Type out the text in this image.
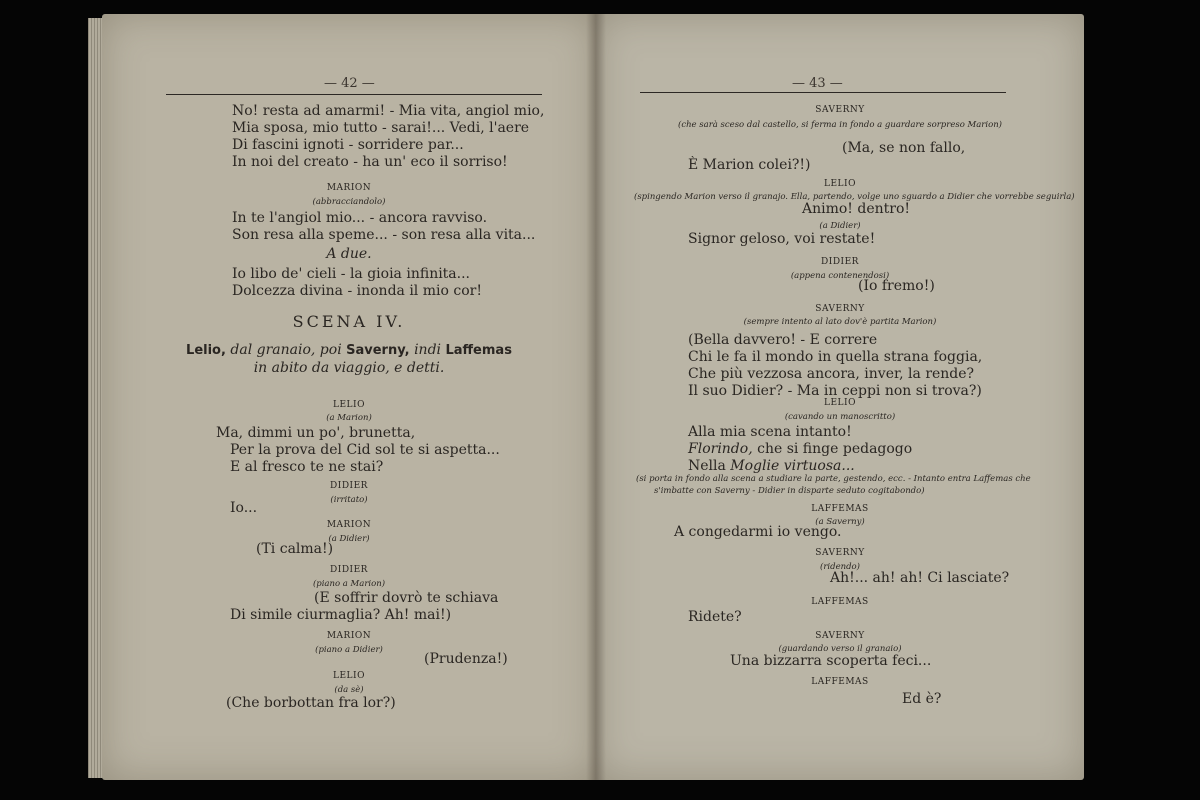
— 42 —
No! resta ad amarmi! - Mia vita, angiol mio,
Mia sposa, mio tutto - sarai!... Vedi, l'aere
Di fascini ignoti - sorridere par...
In noi del creato - ha un' eco il sorriso!
MARION
(abbracciandolo)
In te l'angiol mio... - ancora ravviso.
Son resa alla speme... - son resa alla vita...
A due.
Io libo de' cieli - la gioia infinita...
Dolcezza divina - inonda il mio cor!
SCENA IV.
Lelio, dal granaio, poi Saverny, indi Laffemas
in abito da viaggio, e detti.
LELIO
(a Marion)
Ma, dimmi un po', brunetta,
Per la prova del Cid sol te si aspetta...
E al fresco te ne stai?
DIDIER
(irritato)
Io...
MARION
(a Didier)
(Ti calma!)
DIDIER
(piano a Marion)
(E soffrir dovrò te schiava
Di simile ciurmaglia? Ah! mai!)
MARION
(piano a Didier)
(Prudenza!)
LELIO
(da sè)
(Che borbottan fra lor?)
— 43 —
SAVERNY
(che sarà sceso dal castello, si ferma in fondo a guardare sorpreso Marion)
(Ma, se non fallo,
È Marion colei?!)
LELIO
(spingendo Marion verso il granajo. Ella, partendo, volge uno sguardo a Didier che vorrebbe seguirla)
Animo! dentro!
(a Didier)
Signor geloso, voi restate!
DIDIER
(appena contenendosi)
(Io fremo!)
SAVERNY
(sempre intento al lato dov'è partita Marion)
(Bella davvero! - E correre
Chi le fa il mondo in quella strana foggia,
Che più vezzosa ancora, inver, la rende?
Il suo Didier? - Ma in ceppi non si trova?)
LELIO
(cavando un manoscritto)
Alla mia scena intanto!
Florindo, che si finge pedagogo
Nella Moglie virtuosa...
(si porta in fondo alla scena a studiare la parte, gestendo, ecc. - Intanto entra Laffemas che
s'imbatte con Saverny - Didier in disparte seduto cogitabondo)
LAFFEMAS
(a Saverny)
A congedarmi io vengo.
SAVERNY
(ridendo)
Ah!... ah! ah! Ci lasciate?
LAFFEMAS
Ridete?
SAVERNY
(guardando verso il granaio)
Una bizzarra scoperta feci...
LAFFEMAS
Ed è?
